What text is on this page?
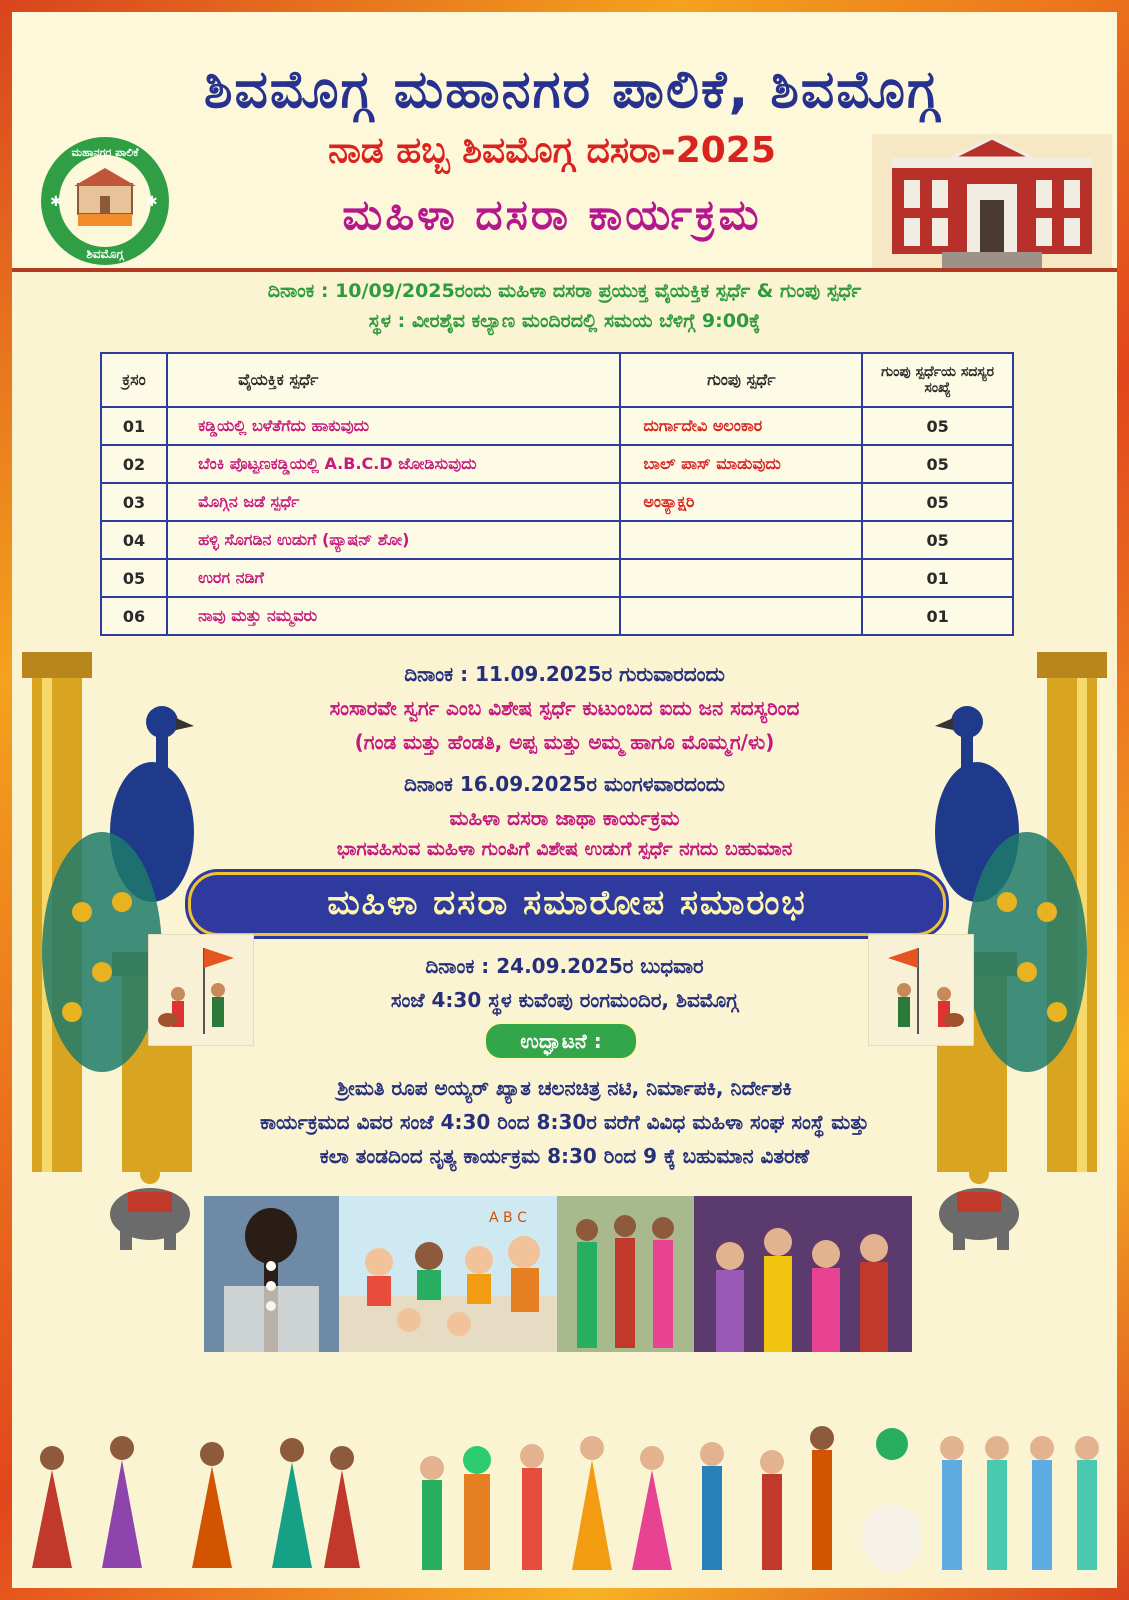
ಶಿವಮೊಗ್ಗ ಮಹಾನಗರ ಪಾಲಿಕೆ, ಶಿವಮೊಗ್ಗ
ನಾಡ ಹಬ್ಬ ಶಿವಮೊಗ್ಗ ದಸರಾ-2025
ಮಹಿಳಾ ದಸರಾ ಕಾರ್ಯಕ್ರಮ
ಮಹಾನಗರ ಪಾಲಿಕೆ
ಶಿವಮೊಗ್ಗ
✱	✱
ದಿನಾಂಕ : 10/09/2025ರಂದು ಮಹಿಳಾ ದಸರಾ ಪ್ರಯುಕ್ತ ವೈಯಕ್ತಿಕ ಸ್ಪರ್ಧೆ & ಗುಂಪು ಸ್ಪರ್ಧೆ
ಸ್ಥಳ : ವೀರಶೈವ ಕಲ್ಯಾಣ ಮಂದಿರದಲ್ಲಿ ಸಮಯ ಬೆಳಿಗ್ಗೆ 9:00ಕ್ಕೆ
ಕ್ರಸಂ	ವೈಯಕ್ತಿಕ ಸ್ಪರ್ಧೆ	ಗುಂಪು ಸ್ಪರ್ಧೆ	ಗುಂಪು ಸ್ಪರ್ಧೆಯ ಸದಸ್ಯರ ಸಂಖ್ಯೆ
01	ಕಡ್ಡಿಯಲ್ಲಿ ಬಳೆತೆಗೆದು ಹಾಕುವುದು	ದುರ್ಗಾದೇವಿ ಅಲಂಕಾರ	05
02	ಬೆಂಕಿ ಪೊಟ್ಟಣಕಡ್ಡಿಯಲ್ಲಿ A.B.C.D ಜೋಡಿಸುವುದು	ಬಾಲ್ ಪಾಸ್ ಮಾಡುವುದು	05
03	ಮೊಗ್ಗಿನ ಜಡೆ ಸ್ಪರ್ಧೆ	ಅಂತ್ಯಾಕ್ಷರಿ	05
04	ಹಳ್ಳಿ ಸೊಗಡಿನ ಉಡುಗೆ (ಪ್ಯಾಷನ್ ಶೋ)		05
05	ಉರಗ ನಡಿಗೆ		01
06	ನಾವು ಮತ್ತು ನಮ್ಮವರು		01
ದಿನಾಂಕ : 11.09.2025ರ ಗುರುವಾರದಂದು
ಸಂಸಾರವೇ ಸ್ವರ್ಗ ಎಂಬ ವಿಶೇಷ ಸ್ಪರ್ಧೆ ಕುಟುಂಬದ ಐದು ಜನ ಸದಸ್ಯರಿಂದ
(ಗಂಡ ಮತ್ತು ಹೆಂಡತಿ, ಅಪ್ಪ ಮತ್ತು ಅಮ್ಮ ಹಾಗೂ ಮೊಮ್ಮಗ/ಳು)
ದಿನಾಂಕ 16.09.2025ರ ಮಂಗಳವಾರದಂದು
ಮಹಿಳಾ ದಸರಾ ಜಾಥಾ ಕಾರ್ಯಕ್ರಮ
ಭಾಗವಹಿಸುವ ಮಹಿಳಾ ಗುಂಪಿಗೆ ವಿಶೇಷ ಉಡುಗೆ ಸ್ಪರ್ಧೆ ನಗದು ಬಹುಮಾನ
ಮಹಿಳಾ ದಸರಾ ಸಮಾರೋಪ ಸಮಾರಂಭ
ದಿನಾಂಕ : 24.09.2025ರ ಬುಧವಾರ
ಸಂಜೆ 4:30 ಸ್ಥಳ ಕುವೆಂಪು ರಂಗಮಂದಿರ, ಶಿವಮೊಗ್ಗ
ಉದ್ಘಾಟನೆ :
ಶ್ರೀಮತಿ ರೂಪ ಅಯ್ಯರ್ ಖ್ಯಾತ ಚಲನಚಿತ್ರ ನಟಿ, ನಿರ್ಮಾಪಕಿ, ನಿರ್ದೇಶಕಿ
ಕಾರ್ಯಕ್ರಮದ ವಿವರ ಸಂಜೆ 4:30 ರಿಂದ 8:30ರ ವರೆಗೆ ವಿವಿಧ ಮಹಿಳಾ ಸಂಘ ಸಂಸ್ಥೆ ಮತ್ತು
ಕಲಾ ತಂಡದಿಂದ ನೃತ್ಯ ಕಾರ್ಯಕ್ರಮ 8:30 ರಿಂದ 9 ಕ್ಕೆ ಬಹುಮಾನ ವಿತರಣೆ
A B C
